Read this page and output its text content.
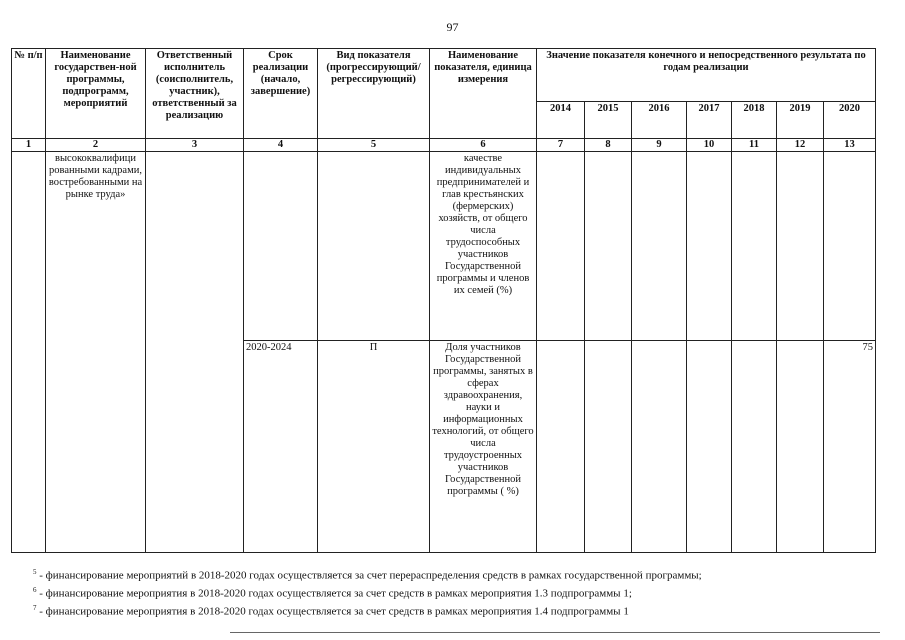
97
№ п/п	Наименование государствен-ной программы, подпрограмм, мероприятий	Ответственный исполнитель (соисполнитель, участник), ответственный за реализацию	Срок реализации (начало, завершение)	Вид показателя (прогрессирующий/ регрессирующий)	Наименование показателя, единица измерения	Значение показателя конечного и непосредственного результата по годам реализации						
						2014	2015	2016	2017	2018	2019	2020
1	2	3	4	5	6	7	8	9	10	11	12	13
	высококвалифици рованными кадрами, востребованными на рынке труда»				качестве индивидуальных предпринимателей и глав крестьянских (фермерских) хозяйств, от общего числа трудоспособных участников Государственной программы и членов их семей (%)							
			2020-2024	П	Доля участников Государственной программы, занятых в сферах здравоохранения, науки и информационных технологий, от общего числа трудоустроенных участников Государственной программы ( %)							75
$^5$ - финансирование мероприятий в 2018-2020 годах осуществляется за счет перераспределения средств в рамках государственной программы;
$^6$ - финансирование мероприятия в 2018-2020 годах осуществляется за счет средств в рамках мероприятия 1.3 подпрограммы 1;
$^7$ - финансирование мероприятия в 2018-2020 годах осуществляется за счет средств в рамках мероприятия 1.4 подпрограммы 1
